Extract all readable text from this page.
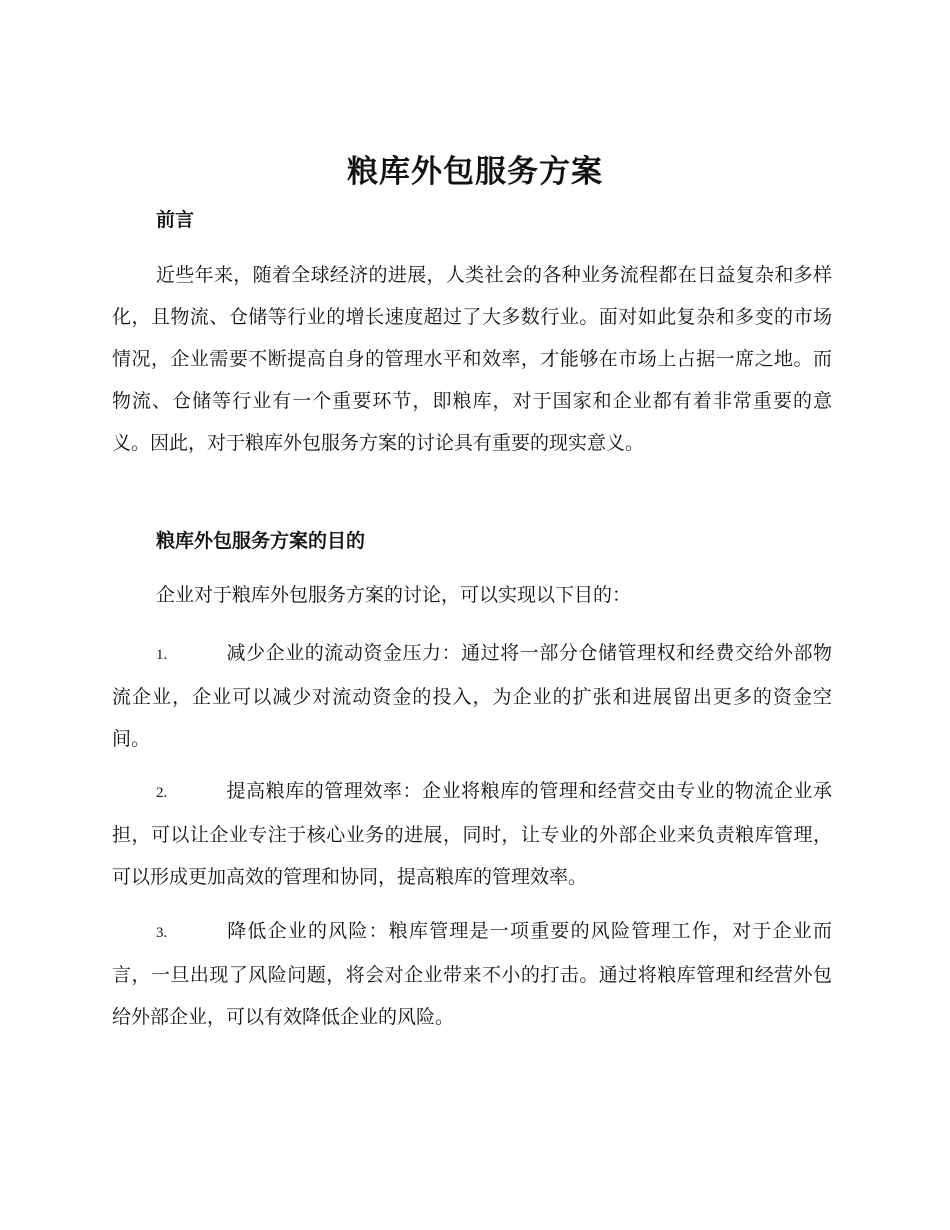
粮库外包服务方案
前言

近些年来，随着全球经济的进展，人类社会的各种业务流程都在日益复杂和多样化，且物流、仓储等行业的增长速度超过了大多数行业。面对如此复杂和多变的市场情况，企业需要不断提高自身的管理水平和效率，才能够在市场上占据一席之地。而物流、仓储等行业有一个重要环节，即粮库，对于国家和企业都有着非常重要的意义。因此，对于粮库外包服务方案的讨论具有重要的现实意义。

粮库外包服务方案的目的

企业对于粮库外包服务方案的讨论，可以实现以下目的：

1.	减少企业的流动资金压力：通过将一部分仓储管理权和经费交给外部物流企业，企业可以减少对流动资金的投入，为企业的扩张和进展留出更多的资金空间。

2.	提高粮库的管理效率：企业将粮库的管理和经营交由专业的物流企业承担，可以让企业专注于核心业务的进展，同时，让专业的外部企业来负责粮库管理，可以形成更加高效的管理和协同，提高粮库的管理效率。

3.	降低企业的风险：粮库管理是一项重要的风险管理工作，对于企业而言，一旦出现了风险问题，将会对企业带来不小的打击。通过将粮库管理和经营外包给外部企业，可以有效降低企业的风险。
